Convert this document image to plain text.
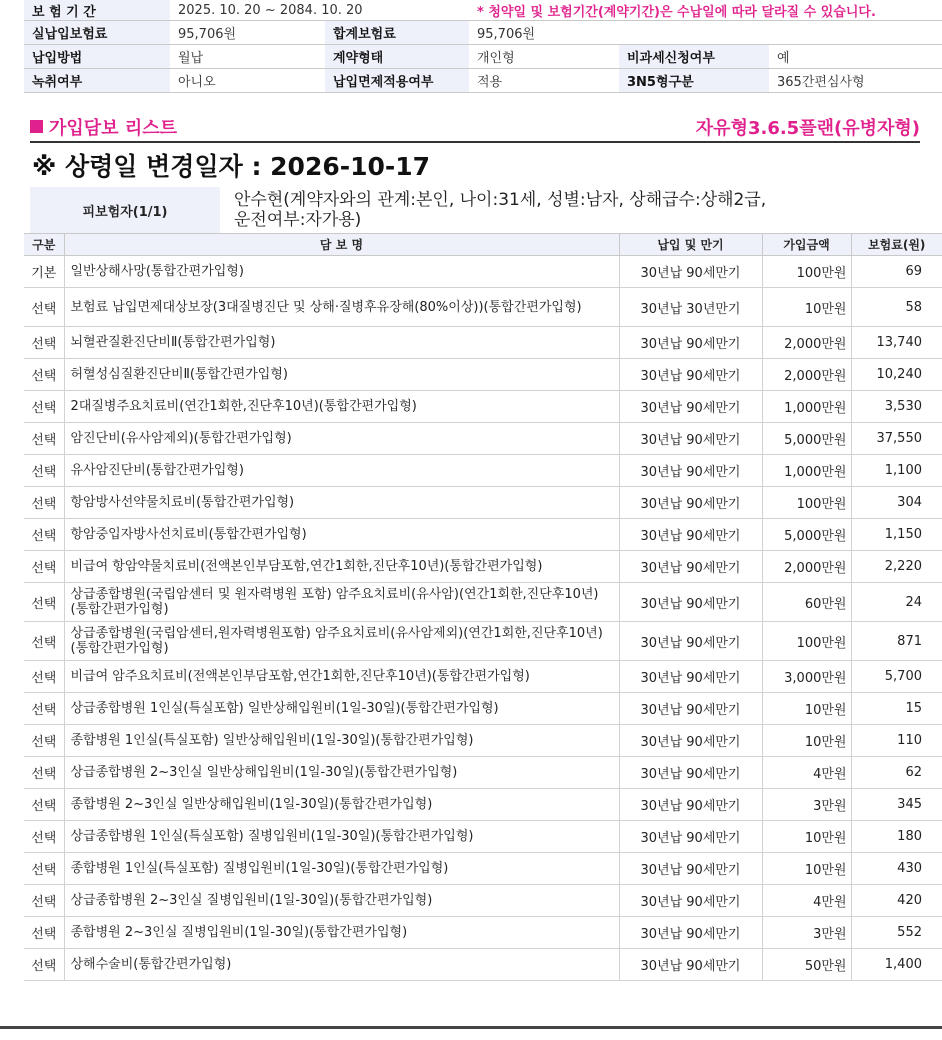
보 험 기 간	2025. 10. 20 ~ 2084. 10. 20		* 청약일 및 보험기간(계약기간)은 수납일에 따라 달라질 수 있습니다.		
실납입보험료	95,706원	합계보험료	95,706원		
납입방법	월납	계약형태	개인형	비과세신청여부	예
녹취여부	아니오	납입면제적용여부	적용	3N5형구분	365간편심사형
가입담보 리스트	자유형3.6.5플랜(유병자형)
※ 상령일 변경일자 : 2026-10-17
피보험자(1/1)	
안수현(계약자와의 관계:본인, 나이:31세, 성별:남자, 상해급수:상해2급,
운전여부:자가용)
구분	담 보 명	납입 및 만기	가입금액	보험료(원)
기본	일반상해사망(통합간편가입형)	30년납 90세만기	100만원	69
선택	보험료 납입면제대상보장(3대질병진단 및 상해·질병후유장해(80%이상))(통합간편가입형)	30년납 30년만기	10만원	58
선택	뇌혈관질환진단비Ⅱ(통합간편가입형)	30년납 90세만기	2,000만원	13,740
선택	허혈성심질환진단비Ⅱ(통합간편가입형)	30년납 90세만기	2,000만원	10,240
선택	2대질병주요치료비(연간1회한,진단후10년)(통합간편가입형)	30년납 90세만기	1,000만원	3,530
선택	암진단비(유사암제외)(통합간편가입형)	30년납 90세만기	5,000만원	37,550
선택	유사암진단비(통합간편가입형)	30년납 90세만기	1,000만원	1,100
선택	항암방사선약물치료비(통합간편가입형)	30년납 90세만기	100만원	304
선택	항암중입자방사선치료비(통합간편가입형)	30년납 90세만기	5,000만원	1,150
선택	비급여 항암약물치료비(전액본인부담포함,연간1회한,진단후10년)(통합간편가입형)	30년납 90세만기	2,000만원	2,220
선택	상급종합병원(국립암센터 및 원자력병원 포함) 암주요치료비(유사암)(연간1회한,진단후10년)(통합간편가입형)	30년납 90세만기	60만원	24
선택	상급종합병원(국립암센터,원자력병원포함) 암주요치료비(유사암제외)(연간1회한,진단후10년)(통합간편가입형)	30년납 90세만기	100만원	871
선택	비급여 암주요치료비(전액본인부담포함,연간1회한,진단후10년)(통합간편가입형)	30년납 90세만기	3,000만원	5,700
선택	상급종합병원 1인실(특실포함) 일반상해입원비(1일-30일)(통합간편가입형)	30년납 90세만기	10만원	15
선택	종합병원 1인실(특실포함) 일반상해입원비(1일-30일)(통합간편가입형)	30년납 90세만기	10만원	110
선택	상급종합병원 2~3인실 일반상해입원비(1일-30일)(통합간편가입형)	30년납 90세만기	4만원	62
선택	종합병원 2~3인실 일반상해입원비(1일-30일)(통합간편가입형)	30년납 90세만기	3만원	345
선택	상급종합병원 1인실(특실포함) 질병입원비(1일-30일)(통합간편가입형)	30년납 90세만기	10만원	180
선택	종합병원 1인실(특실포함) 질병입원비(1일-30일)(통합간편가입형)	30년납 90세만기	10만원	430
선택	상급종합병원 2~3인실 질병입원비(1일-30일)(통합간편가입형)	30년납 90세만기	4만원	420
선택	종합병원 2~3인실 질병입원비(1일-30일)(통합간편가입형)	30년납 90세만기	3만원	552
선택	상해수술비(통합간편가입형)	30년납 90세만기	50만원	1,400
